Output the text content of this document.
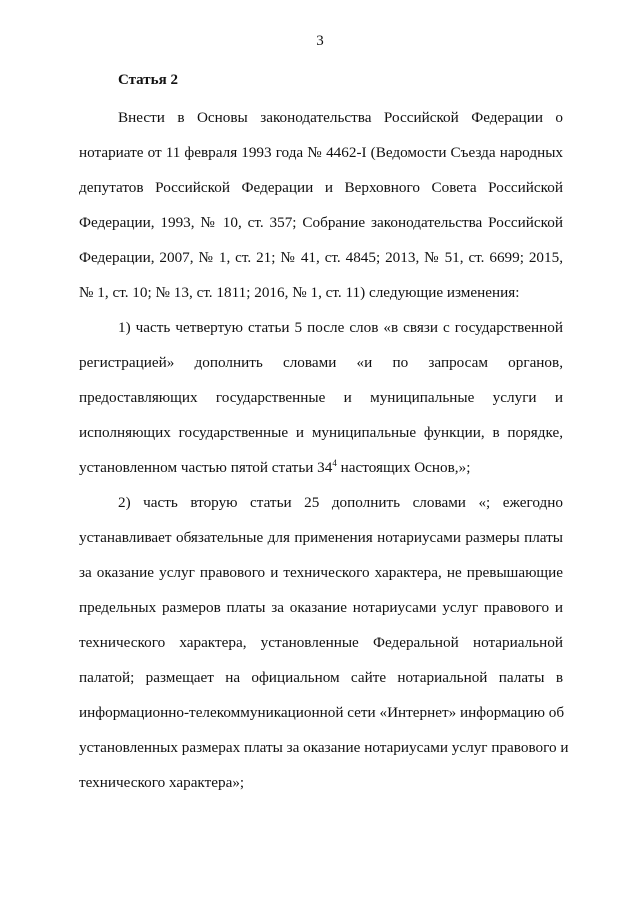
3
Статья 2
Внести в Основы законодательства Российской Федерации о
нотариате от 11 февраля 1993 года № 4462-I (Ведомости Съезда народных
депутатов Российской Федерации и Верховного Совета Российской
Федерации, 1993, № 10, ст. 357; Собрание законодательства Российской
Федерации, 2007, № 1, ст. 21; № 41, ст. 4845; 2013, № 51, ст. 6699; 2015,
№ 1, ст. 10; № 13, ст. 1811; 2016, № 1, ст. 11) следующие изменения:
1) часть четвертую статьи 5 после слов «в связи с государственной
регистрацией» дополнить словами «и по запросам органов,
предоставляющих государственные и муниципальные услуги и
исполняющих государственные и муниципальные функции, в порядке,
установленном частью пятой статьи $34^4$ настоящих Основ,»;
2) часть вторую статьи 25 дополнить словами «; ежегодно
устанавливает обязательные для применения нотариусами размеры платы
за оказание услуг правового и технического характера, не превышающие
предельных размеров платы за оказание нотариусами услуг правового и
технического характера, установленные Федеральной нотариальной
палатой; размещает на официальном сайте нотариальной палаты в
информационно-телекоммуникационной сети «Интернет» информацию об
установленных размерах платы за оказание нотариусами услуг правового и
технического характера»;
